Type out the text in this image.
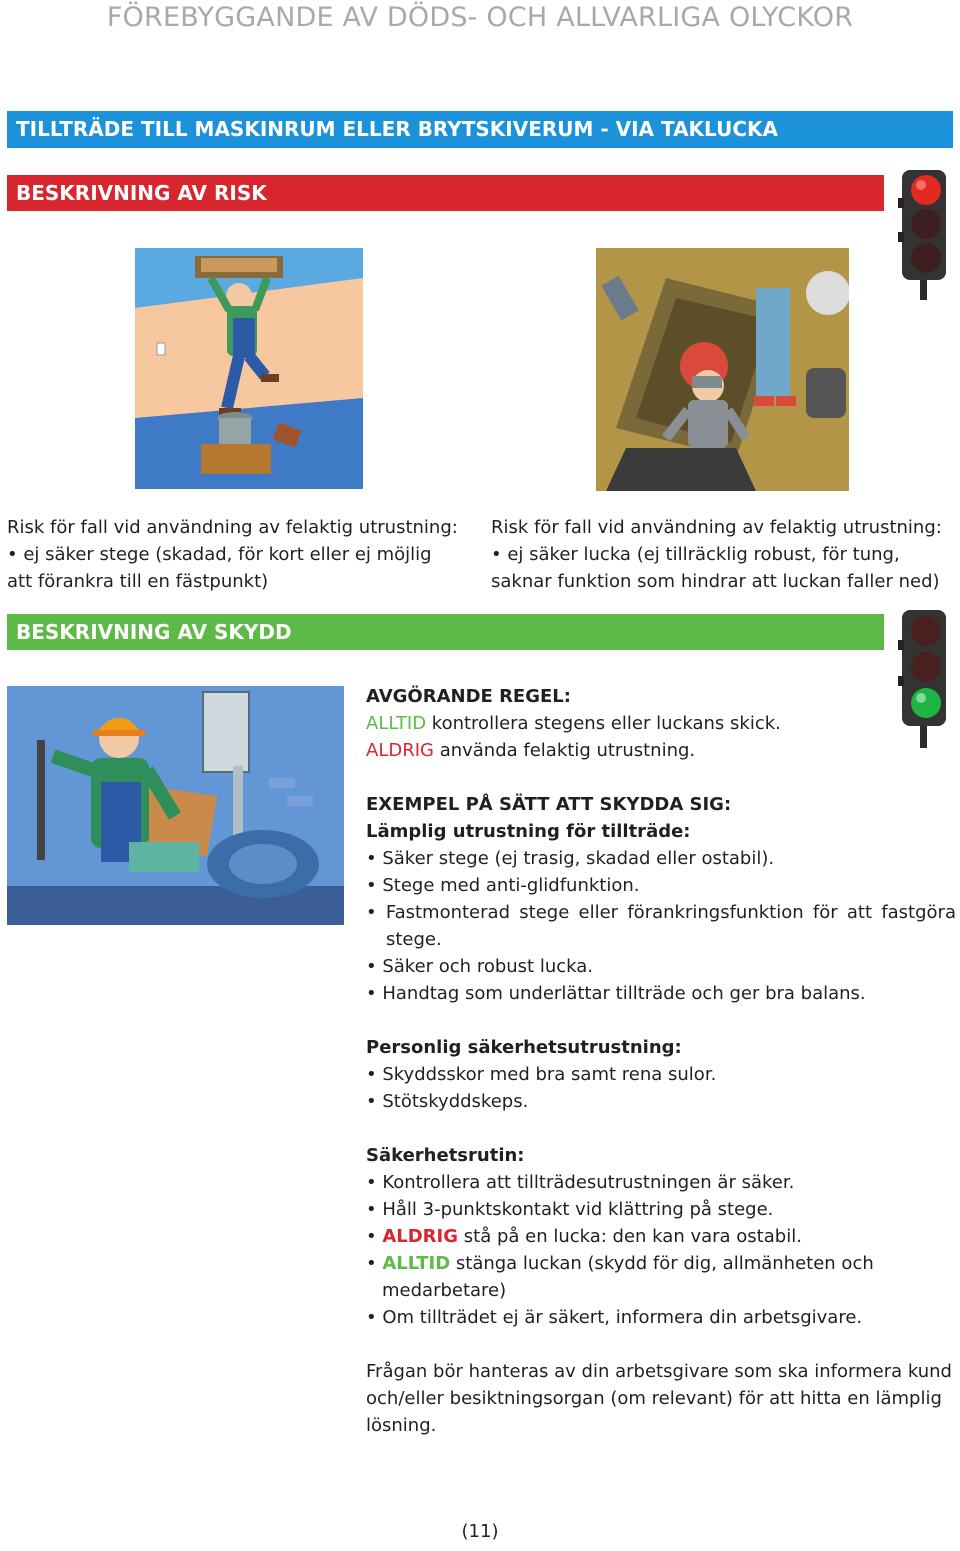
FÖREBYGGANDE AV DÖDS- OCH ALLVARLIGA OLYCKOR
TILLTRÄDE TILL MASKINRUM ELLER BRYTSKIVERUM - VIA TAKLUCKA
BESKRIVNING AV RISK
Risk för fall vid användning av felaktig utrustning:
• ej säker stege (skadad, för kort eller ej möjlig
att förankra till en fästpunkt)
Risk för fall vid användning av felaktig utrustning:
• ej säker lucka (ej tillräcklig robust, för tung,
saknar funktion som hindrar att luckan faller ned)
BESKRIVNING AV SKYDD

AVGÖRANDE REGEL:

ALLTID kontrollera stegens eller luckans skick.

ALDRIG använda felaktig utrustning.

EXEMPEL PÅ SÄTT ATT SKYDDA SIG:

Lämplig utrustning för tillträde:

• Säker stege (ej trasig, skadad eller ostabil).

• Stege med anti-glidfunktion.

• Fastmonterad stege eller förankringsfunktion för att fastgöra stege.

• Säker och robust lucka.

• Handtag som underlättar tillträde och ger bra balans.

Personlig säkerhetsutrustning:

• Skyddsskor med bra samt rena sulor.

• Stötskyddskeps.

Säkerhetsrutin:

• Kontrollera att tillträdesutrustningen är säker.

• Håll 3-punktskontakt vid klättring på stege.

• ALDRIG stå på en lucka: den kan vara ostabil.

• ALLTID stänga luckan (skydd för dig, allmänheten och medarbetare)

• Om tillträdet ej är säkert, informera din arbetsgivare.

Frågan bör hanteras av din arbetsgivare som ska informera kund och/eller besiktningsorgan (om relevant) för att hitta en lämplig lösning.

(11)
